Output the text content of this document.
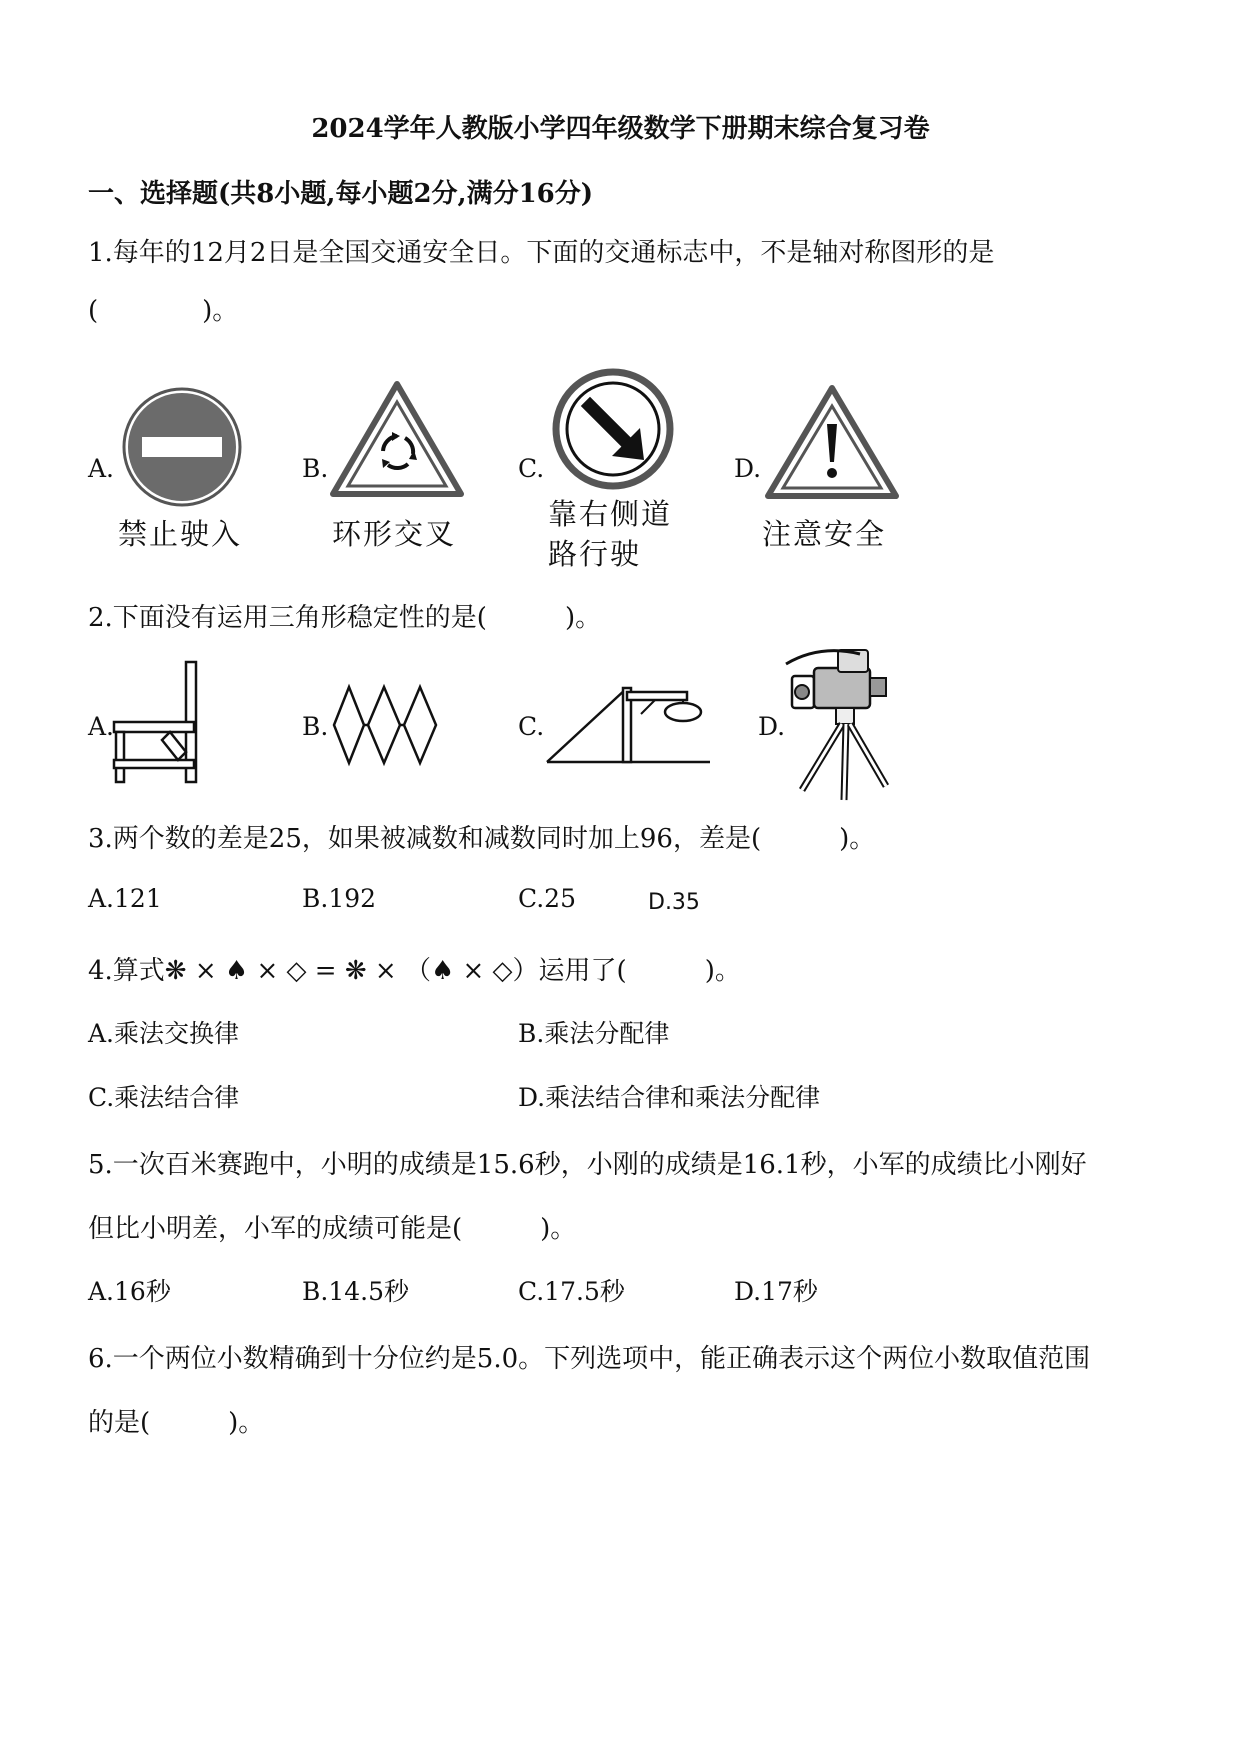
2024学年人教版小学四年级数学下册期末综合复习卷
一、选择题(共8小题,每小题2分,满分16分)
1.每年的12月2日是全国交通安全日。下面的交通标志中，不是轴对称图形的是
(　　　　)。
A.
禁止驶入
B.
环形交叉
C.
靠右侧道
路行驶
D.
注意安全
2.下面没有运用三角形稳定性的是(　　　)。
A.	B.	C.	D.
3.两个数的差是25，如果被减数和减数同时加上96，差是(　　　)。
A.121	B.192	C.25	D.35
4.算式❋ × ♠ × ◇ = ❋ × （♠ × ◇）运用了(　　　)。
A.乘法交换律	B.乘法分配律
C.乘法结合律	D.乘法结合律和乘法分配律
5.一次百米赛跑中，小明的成绩是15.6秒，小刚的成绩是16.1秒，小军的成绩比小刚好
但比小明差，小军的成绩可能是(　　　)。
A.16秒	B.14.5秒	C.17.5秒	D.17秒
6.一个两位小数精确到十分位约是5.0。下列选项中，能正确表示这个两位小数取值范围
的是(　　　)。
